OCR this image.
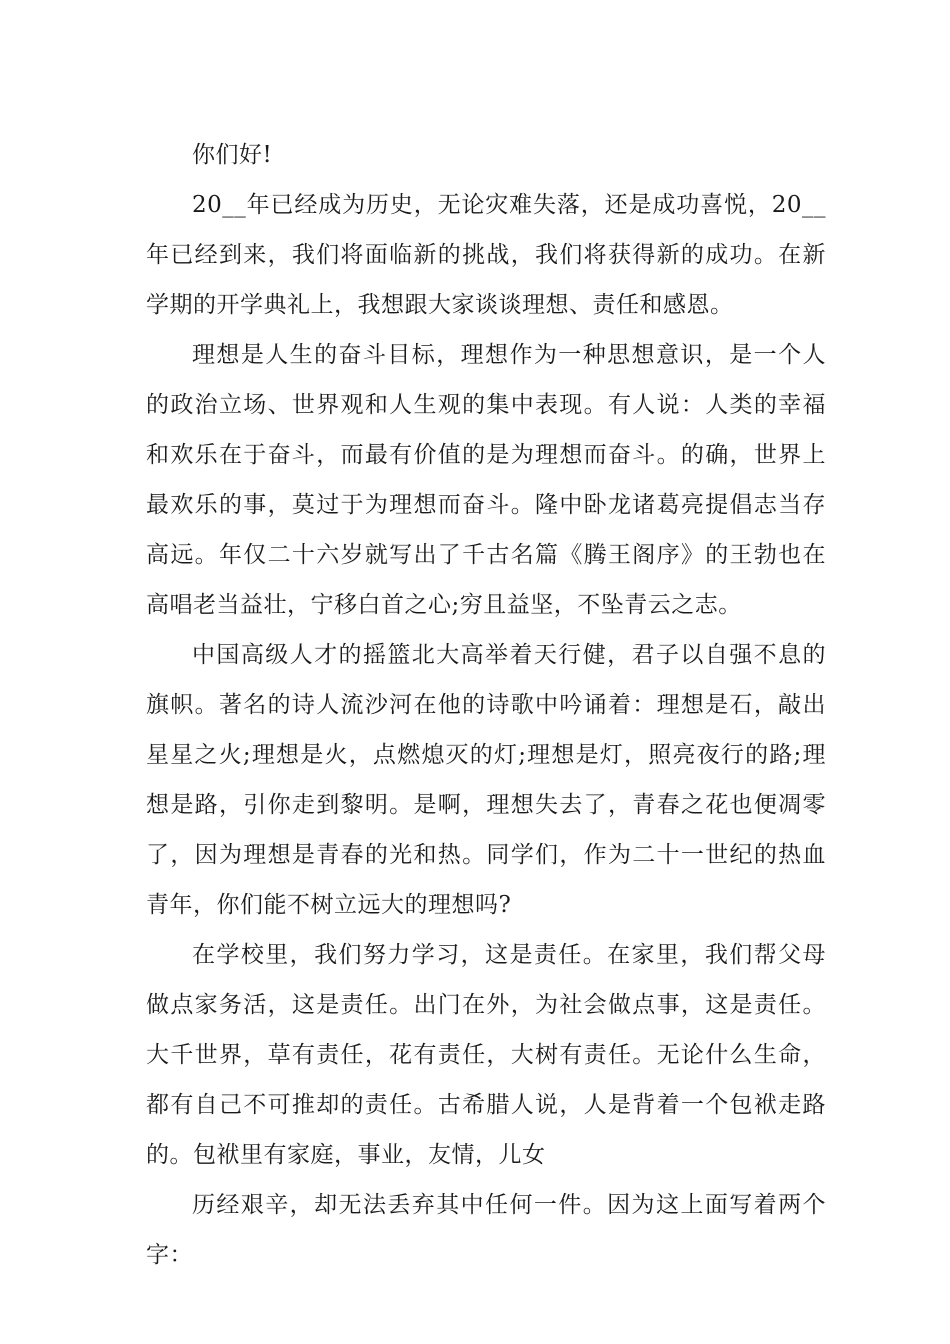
你们好!

20__年已经成为历史，无论灾难失落，还是成功喜悦，20__年已经到来，我们将面临新的挑战，我们将获得新的成功。在新学期的开学典礼上，我想跟大家谈谈理想、责任和感恩。

理想是人生的奋斗目标，理想作为一种思想意识，是一个人的政治立场、世界观和人生观的集中表现。有人说：人类的幸福和欢乐在于奋斗，而最有价值的是为理想而奋斗。的确，世界上最欢乐的事，莫过于为理想而奋斗。隆中卧龙诸葛亮提倡志当存高远。年仅二十六岁就写出了千古名篇《腾王阁序》的王勃也在高唱老当益壮，宁移白首之心;穷且益坚，不坠青云之志。

中国高级人才的摇篮北大高举着天行健，君子以自强不息的旗帜。著名的诗人流沙河在他的诗歌中吟诵着：理想是石，敲出星星之火;理想是火，点燃熄灭的灯;理想是灯，照亮夜行的路;理想是路，引你走到黎明。是啊，理想失去了，青春之花也便凋零了，因为理想是青春的光和热。同学们，作为二十一世纪的热血青年，你们能不树立远大的理想吗?

在学校里，我们努力学习，这是责任。在家里，我们帮父母做点家务活，这是责任。出门在外，为社会做点事，这是责任。大千世界，草有责任，花有责任，大树有责任。无论什么生命，都有自己不可推却的责任。古希腊人说，人是背着一个包袱走路的。包袱里有家庭，事业，友情，儿女

历经艰辛，却无法丢弃其中任何一件。因为这上面写着两个字：
